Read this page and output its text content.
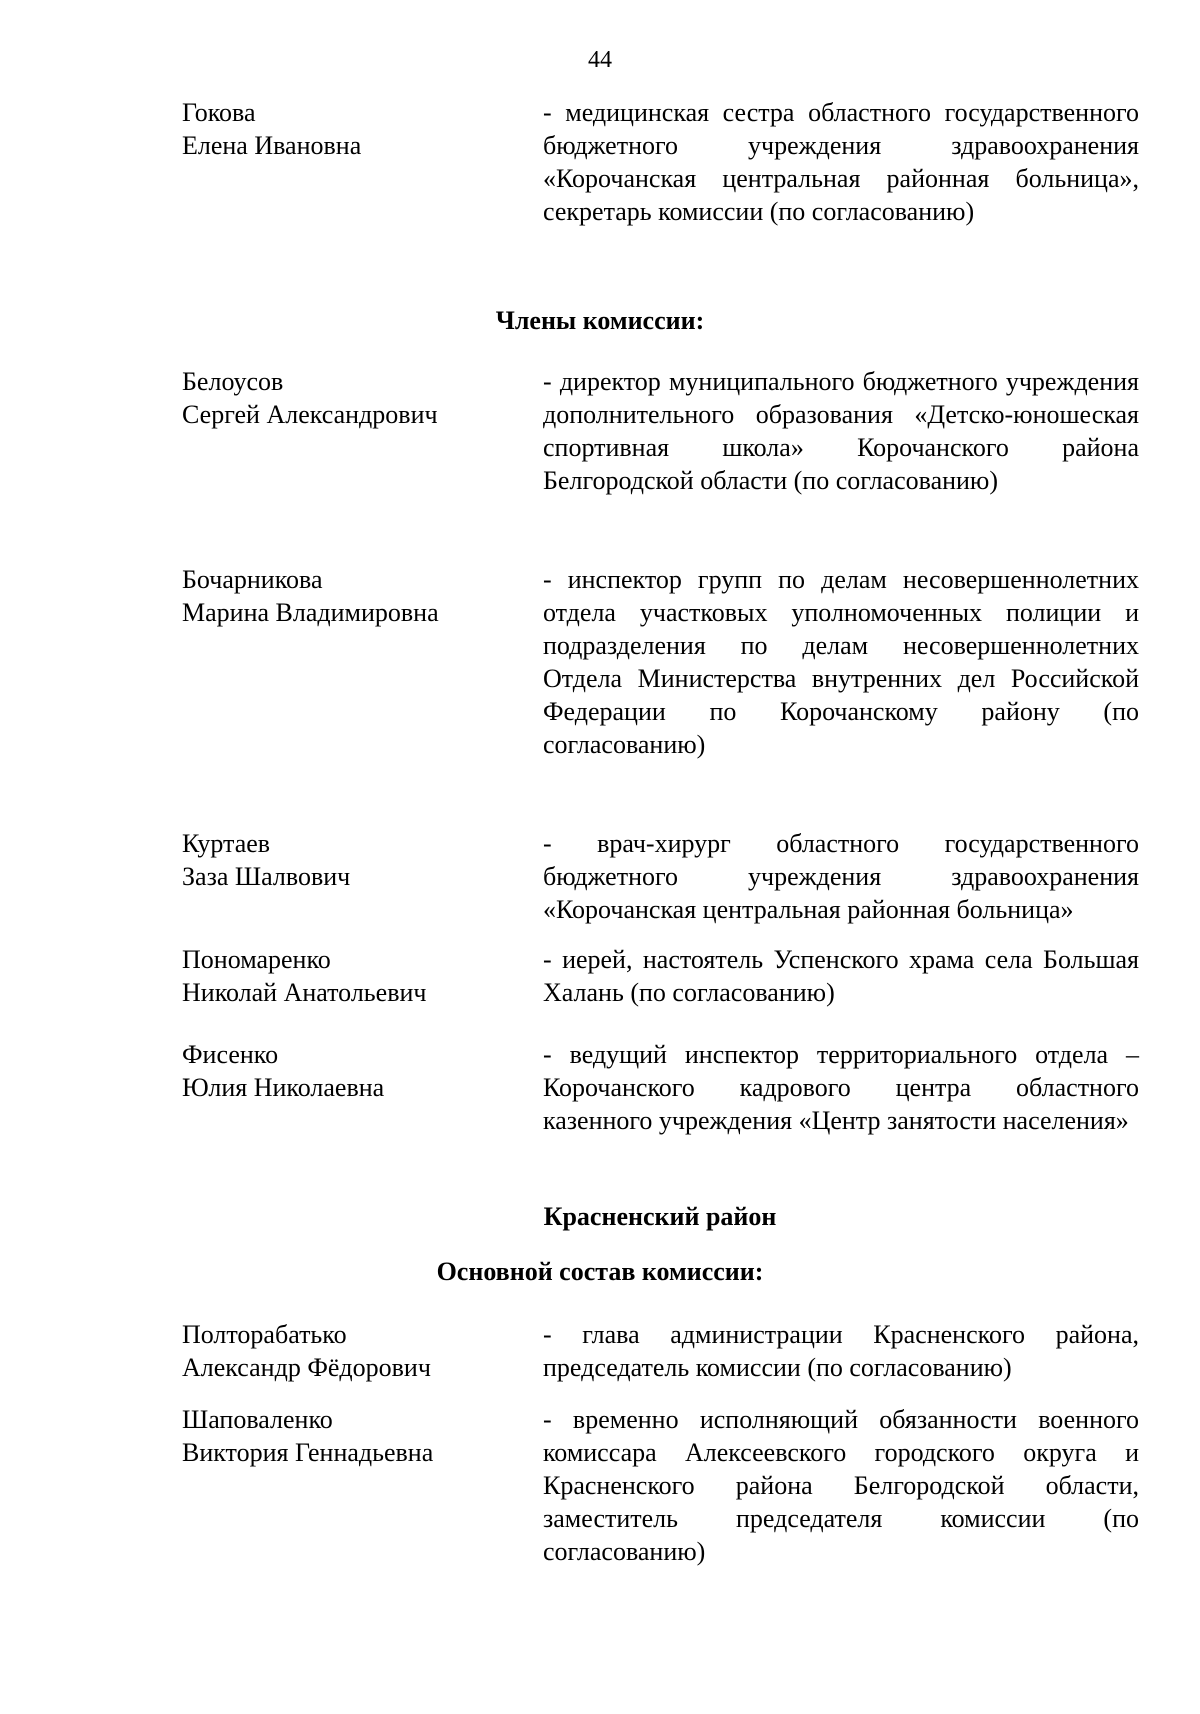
44
Гокова
Елена Ивановна
- медицинская сестра областного государственного бюджетного учреждения здравоохранения «Корочанская центральная районная больница», секретарь комиссии (по согласованию)
Члены комиссии:
Белоусов
Сергей Александрович
- директор муниципального бюджетного учреждения дополнительного образования «Детско-юношеская спортивная школа» Корочанского района Белгородской области (по согласованию)
Бочарникова
Марина Владимировна
- инспектор групп по делам несовершеннолетних отдела участковых уполномоченных полиции и подразделения по делам несовершеннолетних Отдела Министерства внутренних дел Российской Федерации по Корочанскому району (по согласованию)
Куртаев
Заза Шалвович
- врач-хирург областного государственного бюджетного учреждения здравоохранения «Корочанская центральная районная больница»
Пономаренко
Николай Анатольевич
- иерей, настоятель Успенского храма села Большая Халань (по согласованию)
Фисенко
Юлия Николаевна
- ведущий инспектор территориального отдела – Корочанского кадрового центра областного казенного учреждения «Центр занятости населения»
Красненский район
Основной состав комиссии:
Полторабатько
Александр Фёдорович
- глава администрации Красненского района, председатель комиссии (по согласованию)
Шаповаленко
Виктория Геннадьевна
- временно исполняющий обязанности военного комиссара Алексеевского городского округа и Красненского района Белгородской области, заместитель председателя комиссии (по согласованию)
